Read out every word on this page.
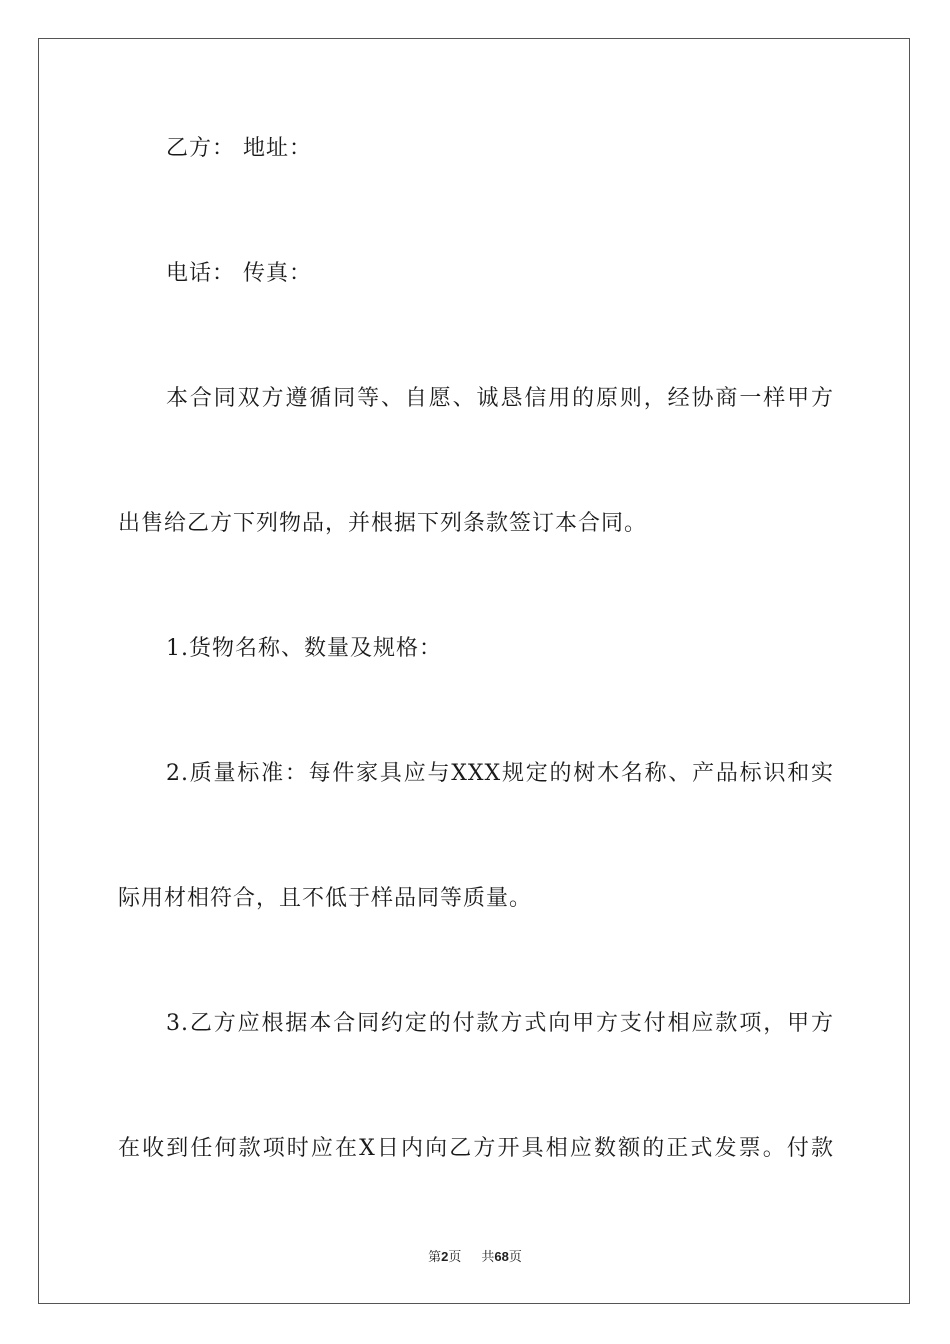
乙方： 地址：
电话： 传真：
本合同双方遵循同等、自愿、诚恳信用的原则，经协商一样甲方
出售给乙方下列物品，并根据下列条款签订本合同。
1.货物名称、数量及规格：
2.质量标准：每件家具应与XXX规定的树木名称、产品标识和实
际用材相符合，且不低于样品同等质量。
3.乙方应根据本合同约定的付款方式向甲方支付相应款项，甲方
在收到任何款项时应在X日内向乙方开具相应数额的正式发票。付款
第2页 共68页
